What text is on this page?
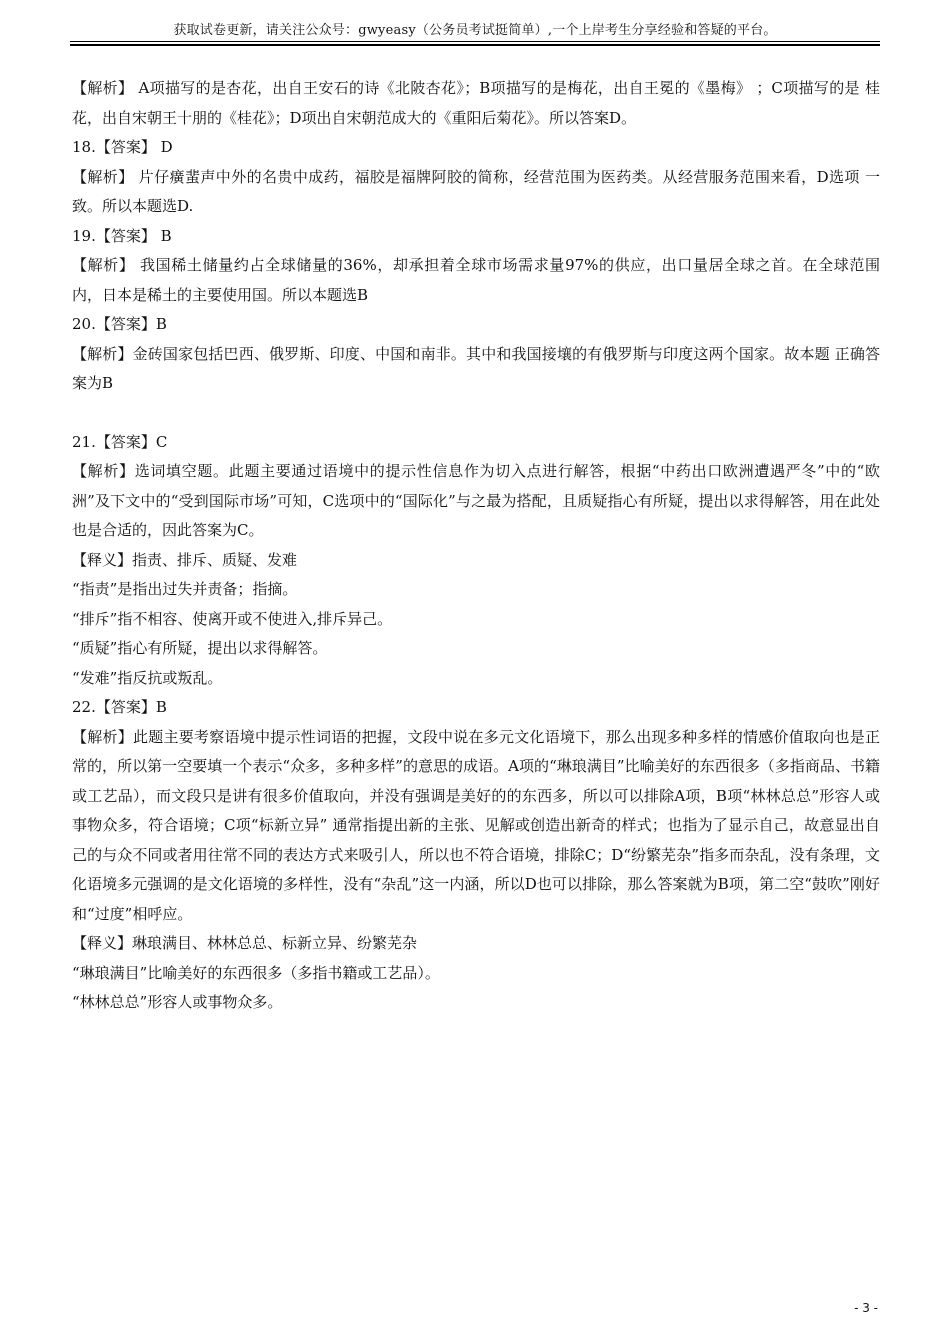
获取试卷更新，请关注公众号：gwyeasy（公务员考试挺简单）,一个上岸考生分享经验和答疑的平台。

【解析】 A项描写的是杏花，出自王安石的诗《北陂杏花》；B项描写的是梅花，出自王冕的《墨梅》 ；C项描写的是 桂花，出自宋朝王十朋的《桂花》；D项出自宋朝范成大的《重阳后菊花》。所以答案D。

18.【答案】 D

【解析】 片仔癀蜚声中外的名贵中成药，福胶是福牌阿胶的简称，经营范围为医药类。从经营服务范围来看，D选项 一致。所以本题选D.

19.【答案】 B

【解析】 我国稀土储量约占全球储量的36%，却承担着全球市场需求量97%的供应，出口量居全球之首。在全球范围 内，日本是稀土的主要使用国。所以本题选B

20.【答案】B

【解析】金砖国家包括巴西、俄罗斯、印度、中国和南非。其中和我国接壤的有俄罗斯与印度这两个国家。故本题 正确答案为B

21.【答案】C

【解析】选词填空题。此题主要通过语境中的提示性信息作为切入点进行解答，根据“中药出口欧洲遭遇严冬”中的“欧洲”及下文中的“受到国际市场”可知，C选项中的“国际化”与之最为搭配，且质疑指心有所疑，提出以求得解答，用在此处也是合适的，因此答案为C。

【释义】指责、排斥、质疑、发难

“指责”是指出过失并责备；指摘。

“排斥”指不相容、使离开或不使进入,排斥异己。

“质疑”指心有所疑，提出以求得解答。

“发难”指反抗或叛乱。

22.【答案】B

【解析】此题主要考察语境中提示性词语的把握，文段中说在多元文化语境下，那么出现多种多样的情感价值取向也是正常的，所以第一空要填一个表示“众多，多种多样”的意思的成语。A项的“琳琅满目”比喻美好的东西很多（多指商品、书籍或工艺品），而文段只是讲有很多价值取向，并没有强调是美好的的东西多，所以可以排除A项，B项“林林总总”形容人或事物众多，符合语境；C项“标新立异” 通常指提出新的主张、见解或创造出新奇的样式；也指为了显示自己，故意显出自己的与众不同或者用往常不同的表达方式来吸引人，所以也不符合语境，排除C；D“纷繁芜杂”指多而杂乱，没有条理，文化语境多元强调的是文化语境的多样性，没有“杂乱”这一内涵，所以D也可以排除，那么答案就为B项，第二空“鼓吹”刚好和“过度”相呼应。

【释义】琳琅满目、林林总总、标新立异、纷繁芜杂

“琳琅满目”比喻美好的东西很多（多指书籍或工艺品）。

“林林总总”形容人或事物众多。

- 3 -
